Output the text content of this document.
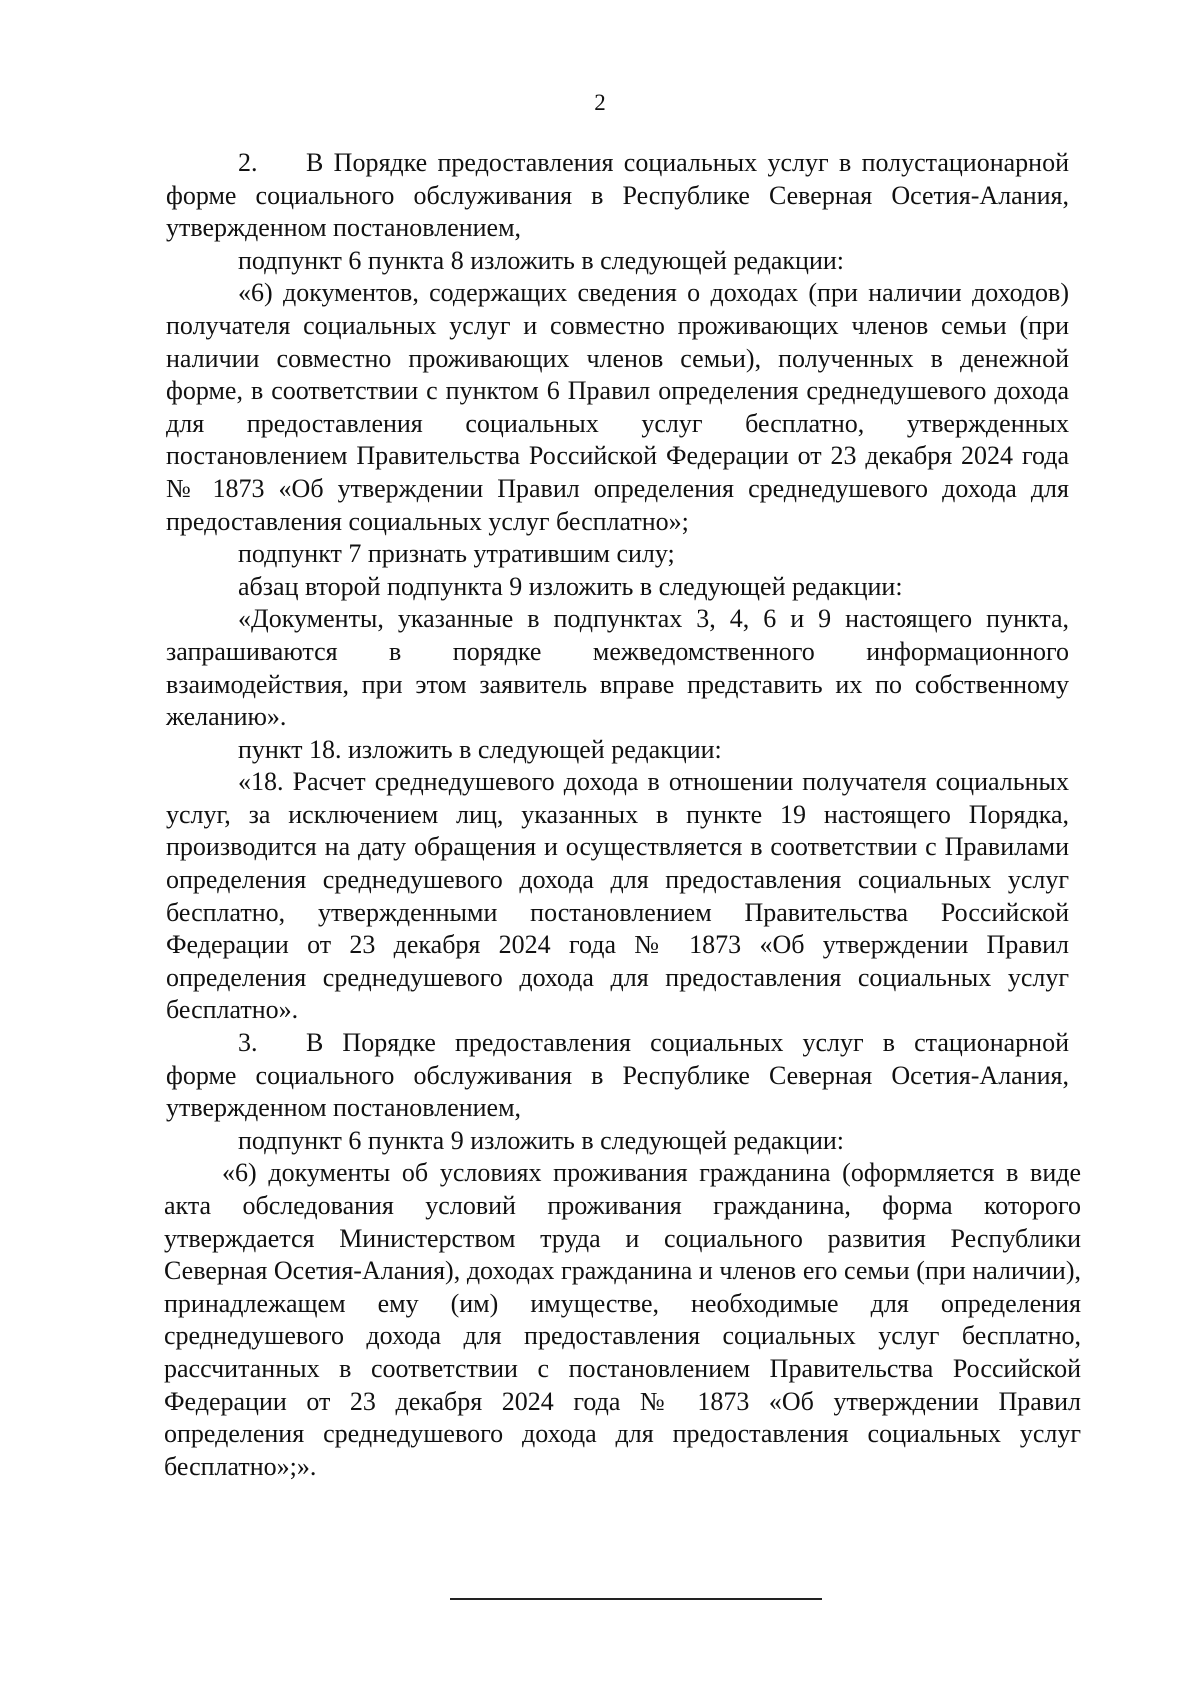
2

2. В Порядке предоставления социальных услуг в полустационарной форме социального обслуживания в Республике Северная Осетия-Алания, утвержденном постановлением,

подпункт 6 пункта 8 изложить в следующей редакции:

«6) документов, содержащих сведения о доходах (при наличии доходов) получателя социальных услуг и совместно проживающих членов семьи (при наличии совместно проживающих членов семьи), полученных в денежной форме, в соответствии с пунктом 6 Правил определения среднедушевого дохода для предоставления социальных услуг бесплатно, утвержденных постановлением Правительства Российской Федерации от 23 декабря 2024 года № 1873 «Об утверждении Правил определения среднедушевого дохода для предоставления социальных услуг бесплатно»;

подпункт 7 признать утратившим силу;

абзац второй подпункта 9 изложить в следующей редакции:

«Документы, указанные в подпунктах 3, 4, 6 и 9 настоящего пункта, запрашиваются в порядке межведомственного информационного взаимодействия, при этом заявитель вправе представить их по собственному желанию».

пункт 18. изложить в следующей редакции:

«18. Расчет среднедушевого дохода в отношении получателя социальных услуг, за исключением лиц, указанных в пункте 19 настоящего Порядка, производится на дату обращения и осуществляется в соответствии с Правилами определения среднедушевого дохода для предоставления социальных услуг бесплатно, утвержденными постановлением Правительства Российской Федерации от 23 декабря 2024 года № 1873 «Об утверждении Правил определения среднедушевого дохода для предоставления социальных услуг бесплатно».

3. В Порядке предоставления социальных услуг в стационарной форме социального обслуживания в Республике Северная Осетия-Алания, утвержденном постановлением,

подпункт 6 пункта 9 изложить в следующей редакции:

«6) документы об условиях проживания гражданина (оформляется в виде акта обследования условий проживания гражданина, форма которого утверждается Министерством труда и социального развития Республики Северная Осетия-Алания), доходах гражданина и членов его семьи (при наличии), принадлежащем ему (им) имуществе, необходимые для определения среднедушевого дохода для предоставления социальных услуг бесплатно, рассчитанных в соответствии с постановлением Правительства Российской Федерации от 23 декабря 2024 года № 1873 «Об утверждении Правил определения среднедушевого дохода для предоставления социальных услуг бесплатно»;».
